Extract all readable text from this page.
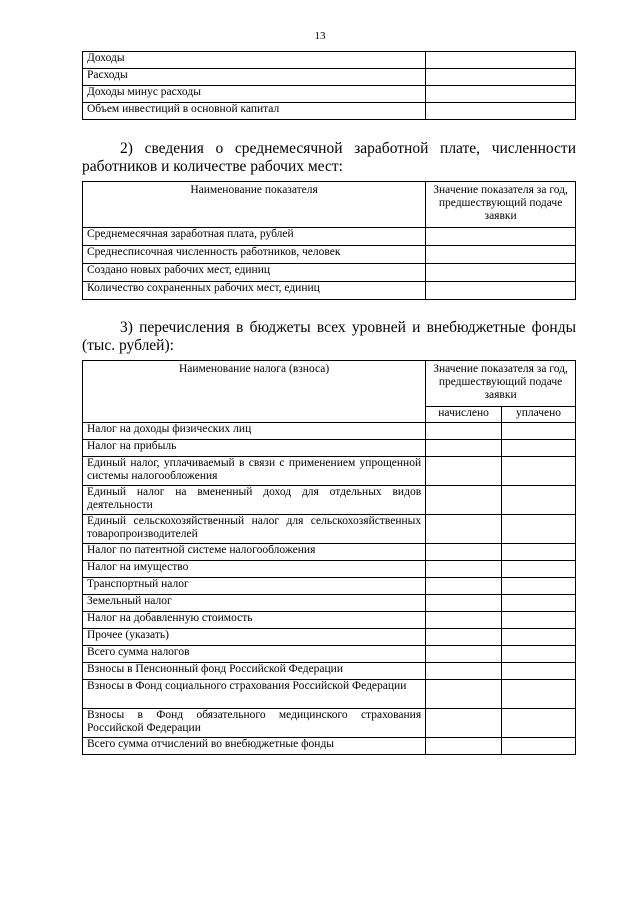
13
Доходы	
Расходы	
Доходы минус расходы	
Объем инвестиций в основной капитал	
2) сведения о среднемесячной заработной плате, численности
работников и количестве рабочих мест:
Наименование показателя	Значение показателя за год, предшествующий подаче заявки
Среднемесячная заработная плата, рублей	
Среднесписочная численность работников, человек	
Создано новых рабочих мест, единиц	
Количество сохраненных рабочих мест, единиц	
3) перечисления в бюджеты всех уровней и внебюджетные фонды
(тыс. рублей):
Наименование налога (взноса)	Значение показателя за год, предшествующий подаче заявки	
	начислено	уплачено
Налог на доходы физических лиц		
Налог на прибыль		
Единый налог, уплачиваемый в связи с применением упрощенной системы налогообложения		
Единый налог на вмененный доход для отдельных видов деятельности		
Единый сельскохозяйственный налог для сельскохозяйственных товаропроизводителей		
Налог по патентной системе налогообложения		
Налог на имущество		
Транспортный налог		
Земельный налог		
Налог на добавленную стоимость		
Прочее (указать)		
Всего сумма налогов		
Взносы в Пенсионный фонд Российской Федерации		
Взносы в Фонд социального страхования Российской Федерации		
Взносы в Фонд обязательного медицинского страхования Российской Федерации		
Всего сумма отчислений во внебюджетные фонды		
